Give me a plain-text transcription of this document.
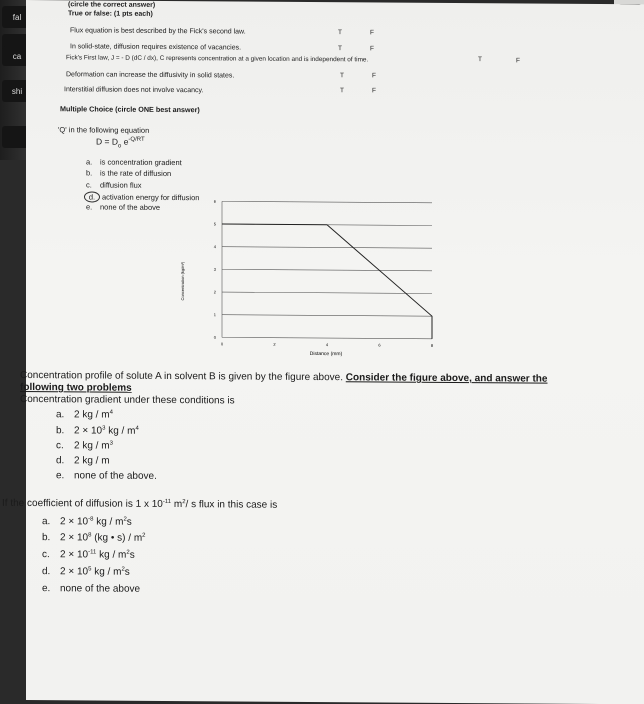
fal
ca
shi
(circle the correct answer)
True or false: (1 pts each)
Flux equation is best described by the Fick's second law.	T	F
In solid-state, diffusion requires existence of vacancies.	T	F
Fick's First law, J = - D (dC / dx), C represents concentration at a given location and is independent of time.	T	F
Deformation can increase the diffusivity in solid states.	T	F
Interstitial diffusion does not involve vacancy.	T	F
Multiple Choice (circle ONE best answer)
'Q' in the following equation
$D = D_o$ $e^{-Q/RT}$
a. is concentration gradient
b. is the rate of diffusion
c. diffusion flux
d. activation energy for diffusion
e. none of the above
0
1
2
3
4
5
6
0	2	4	6	8
Distance (mm)
Concentration (kg/m³)
Concentration profile of solute A in solvent B is given by the figure above. Consider the figure above, and answer the
following two problems
Concentration gradient under these conditions is
a. 2 kg / $m^4$
b. $2 \times 10^3$ kg / $m^4$
c. 2 kg / $m^3$
d. 2 kg / m
e. none of the above.
If the coefficient of diffusion is 1 x $10^{-11}$ $m^2/$ s flux in this case is
a. $2 \times 10^{-8}$ kg / $m^2s$
b. $2 \times 10^8$ (kg • $s) / m^2$
c. $2 \times 10^{-11}$ kg / $m^2s$
d. $2 \times 10^5$ kg / $m^2s$
e. none of the above
